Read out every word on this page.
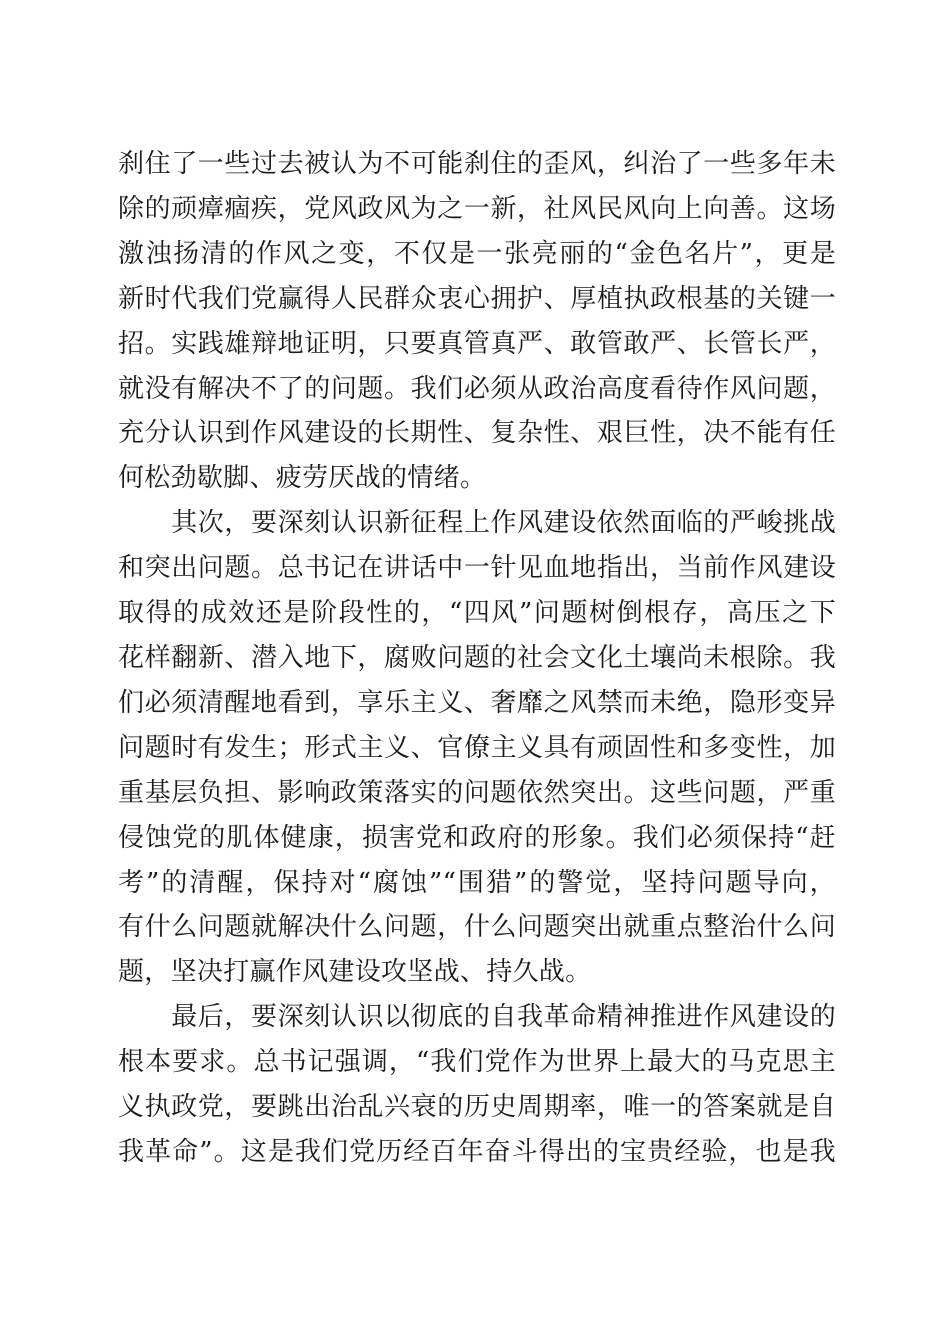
刹住了一些过去被认为不可能刹住的歪风，纠治了一些多年未
除的顽瘴痼疾，党风政风为之一新，社风民风向上向善。这场
激浊扬清的作风之变，不仅是一张亮丽的“金色名片”，更是
新时代我们党赢得人民群众衷心拥护、厚植执政根基的关键一
招。实践雄辩地证明，只要真管真严、敢管敢严、长管长严，
就没有解决不了的问题。我们必须从政治高度看待作风问题，
充分认识到作风建设的长期性、复杂性、艰巨性，决不能有任
何松劲歇脚、疲劳厌战的情绪。
　　其次，要深刻认识新征程上作风建设依然面临的严峻挑战
和突出问题。总书记在讲话中一针见血地指出，当前作风建设
取得的成效还是阶段性的，“四风”问题树倒根存，高压之下
花样翻新、潜入地下，腐败问题的社会文化土壤尚未根除。我
们必须清醒地看到，享乐主义、奢靡之风禁而未绝，隐形变异
问题时有发生；形式主义、官僚主义具有顽固性和多变性，加
重基层负担、影响政策落实的问题依然突出。这些问题，严重
侵蚀党的肌体健康，损害党和政府的形象。我们必须保持“赶
考”的清醒，保持对“腐蚀”“围猎”的警觉，坚持问题导向，
有什么问题就解决什么问题，什么问题突出就重点整治什么问
题，坚决打赢作风建设攻坚战、持久战。
　　最后，要深刻认识以彻底的自我革命精神推进作风建设的
根本要求。总书记强调，“我们党作为世界上最大的马克思主
义执政党，要跳出治乱兴衰的历史周期率，唯一的答案就是自
我革命”。这是我们党历经百年奋斗得出的宝贵经验，也是我
